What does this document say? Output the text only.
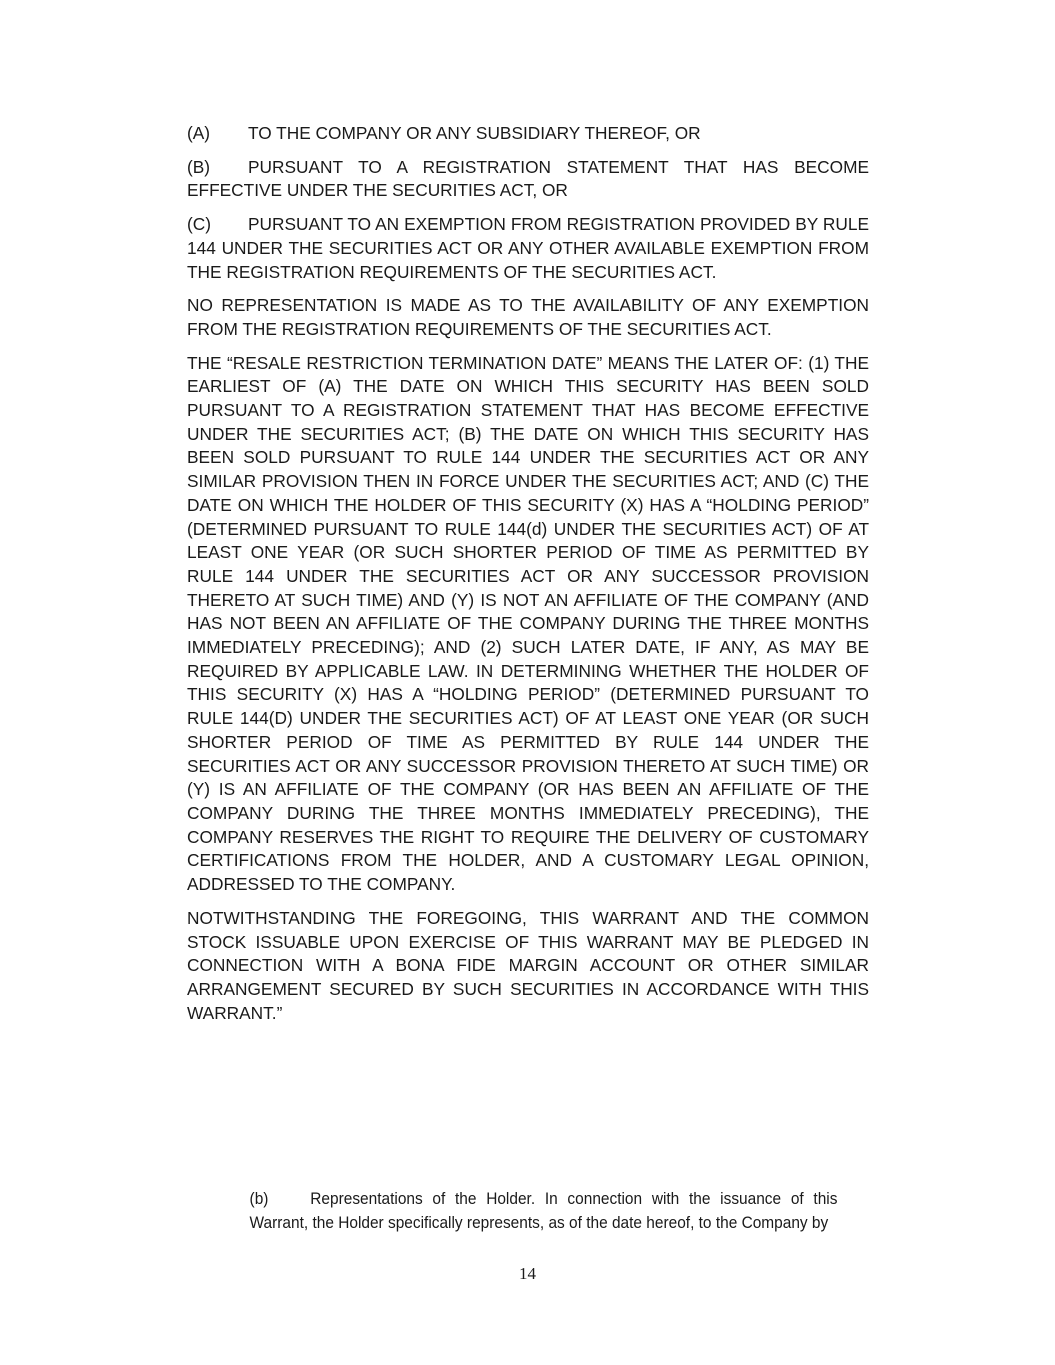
(A)	TO THE COMPANY OR ANY SUBSIDIARY THEREOF, OR

(B) PURSUANT TO A REGISTRATION STATEMENT THAT HAS BECOME EFFECTIVE UNDER THE SECURITIES ACT, OR

(C) PURSUANT TO AN EXEMPTION FROM REGISTRATION PROVIDED BY RULE 144 UNDER THE SECURITIES ACT OR ANY OTHER AVAILABLE EXEMPTION FROM THE REGISTRATION REQUIREMENTS OF THE SECURITIES ACT.

NO REPRESENTATION IS MADE AS TO THE AVAILABILITY OF ANY EXEMPTION FROM THE REGISTRATION REQUIREMENTS OF THE SECURITIES ACT.

THE “RESALE RESTRICTION TERMINATION DATE” MEANS THE LATER OF: (1) THE EARLIEST OF (A) THE DATE ON WHICH THIS SECURITY HAS BEEN SOLD PURSUANT TO A REGISTRATION STATEMENT THAT HAS BECOME EFFECTIVE UNDER THE SECURITIES ACT; (B) THE DATE ON WHICH THIS SECURITY HAS BEEN SOLD PURSUANT TO RULE 144 UNDER THE SECURITIES ACT OR ANY SIMILAR PROVISION THEN IN FORCE UNDER THE SECURITIES ACT; AND (C) THE DATE ON WHICH THE HOLDER OF THIS SECURITY (X) HAS A “HOLDING PERIOD” (DETERMINED PURSUANT TO RULE 144(d) UNDER THE SECURITIES ACT) OF AT LEAST ONE YEAR (OR SUCH SHORTER PERIOD OF TIME AS PERMITTED BY RULE 144 UNDER THE SECURITIES ACT OR ANY SUCCESSOR PROVISION THERETO AT SUCH TIME) AND (Y) IS NOT AN AFFILIATE OF THE COMPANY (AND HAS NOT BEEN AN AFFILIATE OF THE COMPANY DURING THE THREE MONTHS IMMEDIATELY PRECEDING); AND (2) SUCH LATER DATE, IF ANY, AS MAY BE REQUIRED BY APPLICABLE LAW. IN DETERMINING WHETHER THE HOLDER OF THIS SECURITY (X) HAS A “HOLDING PERIOD” (DETERMINED PURSUANT TO RULE 144(D) UNDER THE SECURITIES ACT) OF AT LEAST ONE YEAR (OR SUCH SHORTER PERIOD OF TIME AS PERMITTED BY RULE 144 UNDER THE SECURITIES ACT OR ANY SUCCESSOR PROVISION THERETO AT SUCH TIME) OR (Y) IS AN AFFILIATE OF THE COMPANY (OR HAS BEEN AN AFFILIATE OF THE COMPANY DURING THE THREE MONTHS IMMEDIATELY PRECEDING), THE COMPANY RESERVES THE RIGHT TO REQUIRE THE DELIVERY OF CUSTOMARY CERTIFICATIONS FROM THE HOLDER, AND A CUSTOMARY LEGAL OPINION, ADDRESSED TO THE COMPANY.

NOTWITHSTANDING THE FOREGOING, THIS WARRANT AND THE COMMON STOCK ISSUABLE UPON EXERCISE OF THIS WARRANT MAY BE PLEDGED IN CONNECTION WITH A BONA FIDE MARGIN ACCOUNT OR OTHER SIMILAR ARRANGEMENT SECURED BY SUCH SECURITIES IN ACCORDANCE WITH THIS WARRANT.”

(b) Representations of the Holder. In connection with the issuance of this Warrant, the Holder specifically represents, as of the date hereof, to the Company by

14
